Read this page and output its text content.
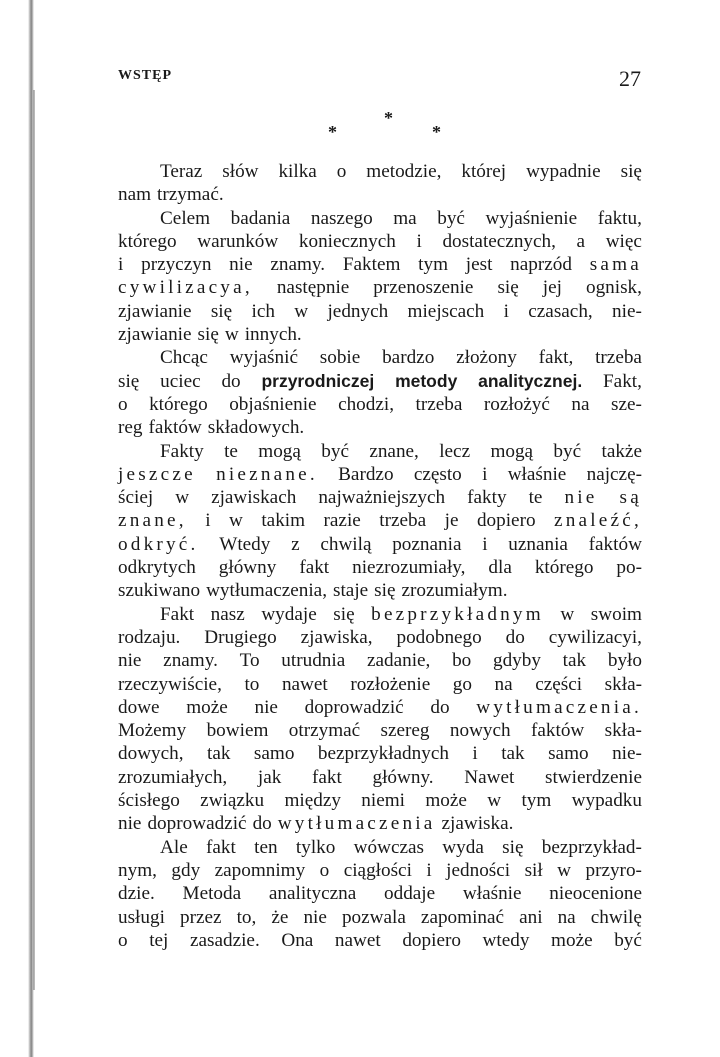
WSTĘP	27
*
*	*
Teraz słów kilka o metodzie, której wypadnie się
nam trzymać.
Celem badania naszego ma być wyjaśnienie faktu,
którego warunków koniecznych i dostatecznych, a więc
i przyczyn nie znamy. Faktem tym jest naprzód sama
cywilizacya, następnie przenoszenie się jej ognisk,
zjawianie się ich w jednych miejscach i czasach, nie-
zjawianie się w innych.
Chcąc wyjaśnić sobie bardzo złożony fakt, trzeba
się uciec do przyrodniczej metody analitycznej. Fakt,
o którego objaśnienie chodzi, trzeba rozłożyć na sze-
reg faktów składowych.
Fakty te mogą być znane, lecz mogą być także
jeszcze nieznane. Bardzo często i właśnie najczę-
ściej w zjawiskach najważniejszych fakty te nie są
znane, i w takim razie trzeba je dopiero znaleźć,
odkryć. Wtedy z chwilą poznania i uznania faktów
odkrytych główny fakt niezrozumiały, dla którego po-
szukiwano wytłumaczenia, staje się zrozumiałym.
Fakt nasz wydaje się bezprzykładnym w swoim
rodzaju. Drugiego zjawiska, podobnego do cywilizacyi,
nie znamy. To utrudnia zadanie, bo gdyby tak było
rzeczywiście, to nawet rozłożenie go na części skła-
dowe może nie doprowadzić do wytłumaczenia.
Możemy bowiem otrzymać szereg nowych faktów skła-
dowych, tak samo bezprzykładnych i tak samo nie-
zrozumiałych, jak fakt główny. Nawet stwierdzenie
ścisłego związku między niemi może w tym wypadku
nie doprowadzić do wytłumaczenia zjawiska.
Ale fakt ten tylko wówczas wyda się bezprzykład-
nym, gdy zapomnimy o ciągłości i jedności sił w przyro-
dzie. Metoda analityczna oddaje właśnie nieocenione
usługi przez to, że nie pozwala zapominać ani na chwilę
o tej zasadzie. Ona nawet dopiero wtedy może być
